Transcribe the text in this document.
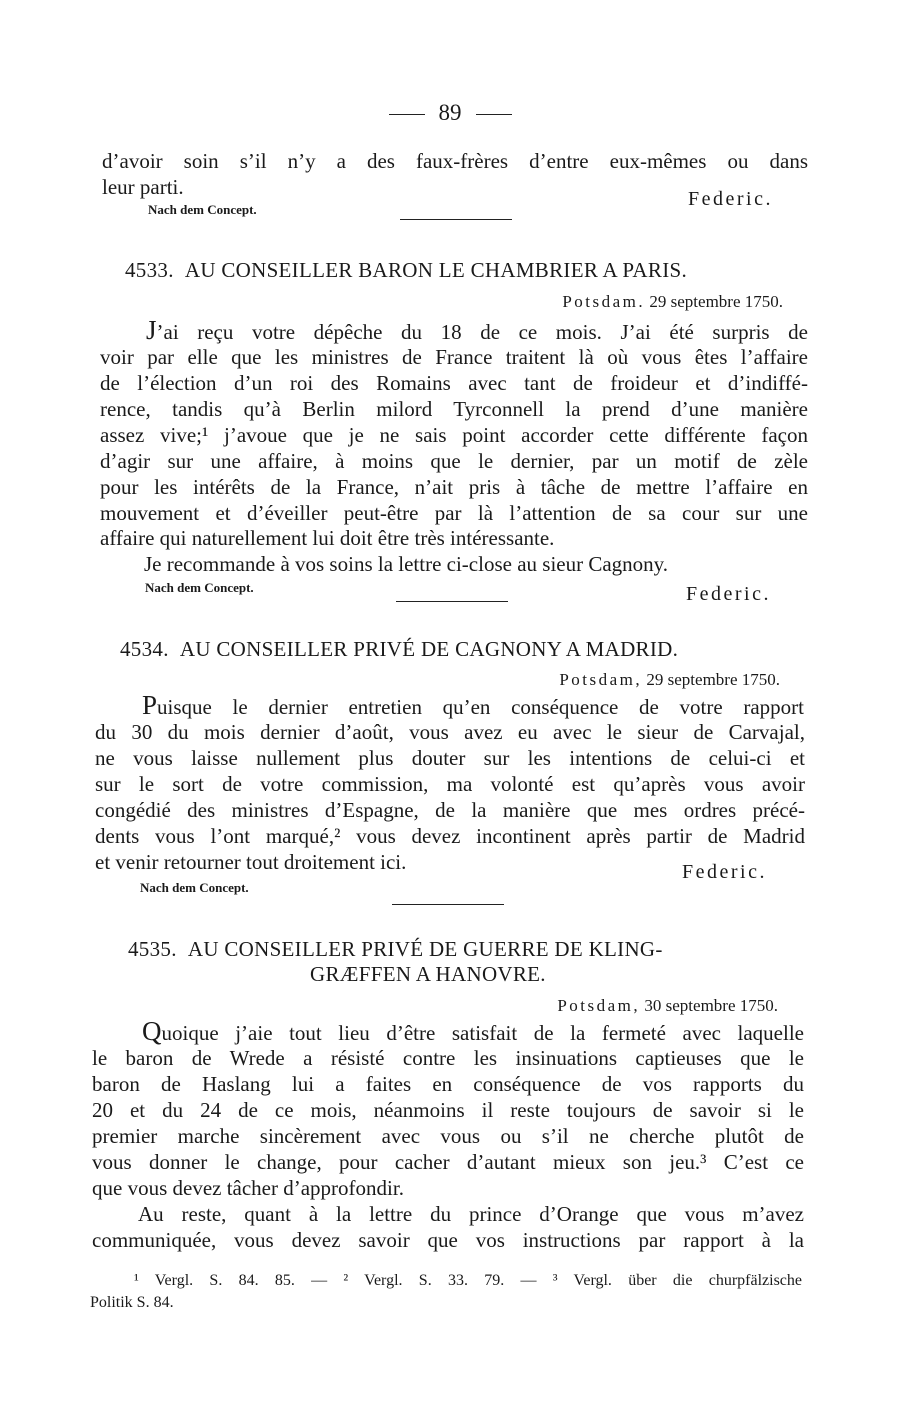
89
d’avoir soin s’il n’y a des faux-frères d’entre eux-mêmes ou dans
leur parti.
Nach dem Concept.	Federic.
4533. AU CONSEILLER BARON LE CHAMBRIER A PARIS.
Potsdam. 29 septembre 1750.
J’ai reçu votre dépêche du 18 de ce mois. J’ai été surpris de
voir par elle que les ministres de France traitent là où vous êtes l’affaire
de l’élection d’un roi des Romains avec tant de froideur et d’indiffé-
rence, tandis qu’à Berlin milord Tyrconnell la prend d’une manière
assez vive;¹ j’avoue que je ne sais point accorder cette différente façon
d’agir sur une affaire, à moins que le dernier, par un motif de zèle
pour les intérêts de la France, n’ait pris à tâche de mettre l’affaire en
mouvement et d’éveiller peut-être par là l’attention de sa cour sur une
affaire qui naturellement lui doit être très intéressante.
Je recommande à vos soins la lettre ci-close au sieur Cagnony.
Nach dem Concept.	Federic.
4534. AU CONSEILLER PRIVÉ DE CAGNONY A MADRID.
Potsdam, 29 septembre 1750.
Puisque le dernier entretien qu’en conséquence de votre rapport
du 30 du mois dernier d’août, vous avez eu avec le sieur de Carvajal,
ne vous laisse nullement plus douter sur les intentions de celui-ci et
sur le sort de votre commission, ma volonté est qu’après vous avoir
congédié des ministres d’Espagne, de la manière que mes ordres précé-
dents vous l’ont marqué,² vous devez incontinent après partir de Madrid
et venir retourner tout droitement ici.	Federic.
Nach dem Concept.
4535. AU CONSEILLER PRIVÉ DE GUERRE DE KLING-
GRÆFFEN A HANOVRE.
Potsdam, 30 septembre 1750.
Quoique j’aie tout lieu d’être satisfait de la fermeté avec laquelle
le baron de Wrede a résisté contre les insinuations captieuses que le
baron de Haslang lui a faites en conséquence de vos rapports du
20 et du 24 de ce mois, néanmoins il reste toujours de savoir si le
premier marche sincèrement avec vous ou s’il ne cherche plutôt de
vous donner le change, pour cacher d’autant mieux son jeu.³ C’est ce
que vous devez tâcher d’approfondir.
Au reste, quant à la lettre du prince d’Orange que vous m’avez
communiquée, vous devez savoir que vos instructions par rapport à la
¹ Vergl. S. 84. 85. — ² Vergl. S. 33. 79. — ³ Vergl. über die churpfälzische
Politik S. 84.
